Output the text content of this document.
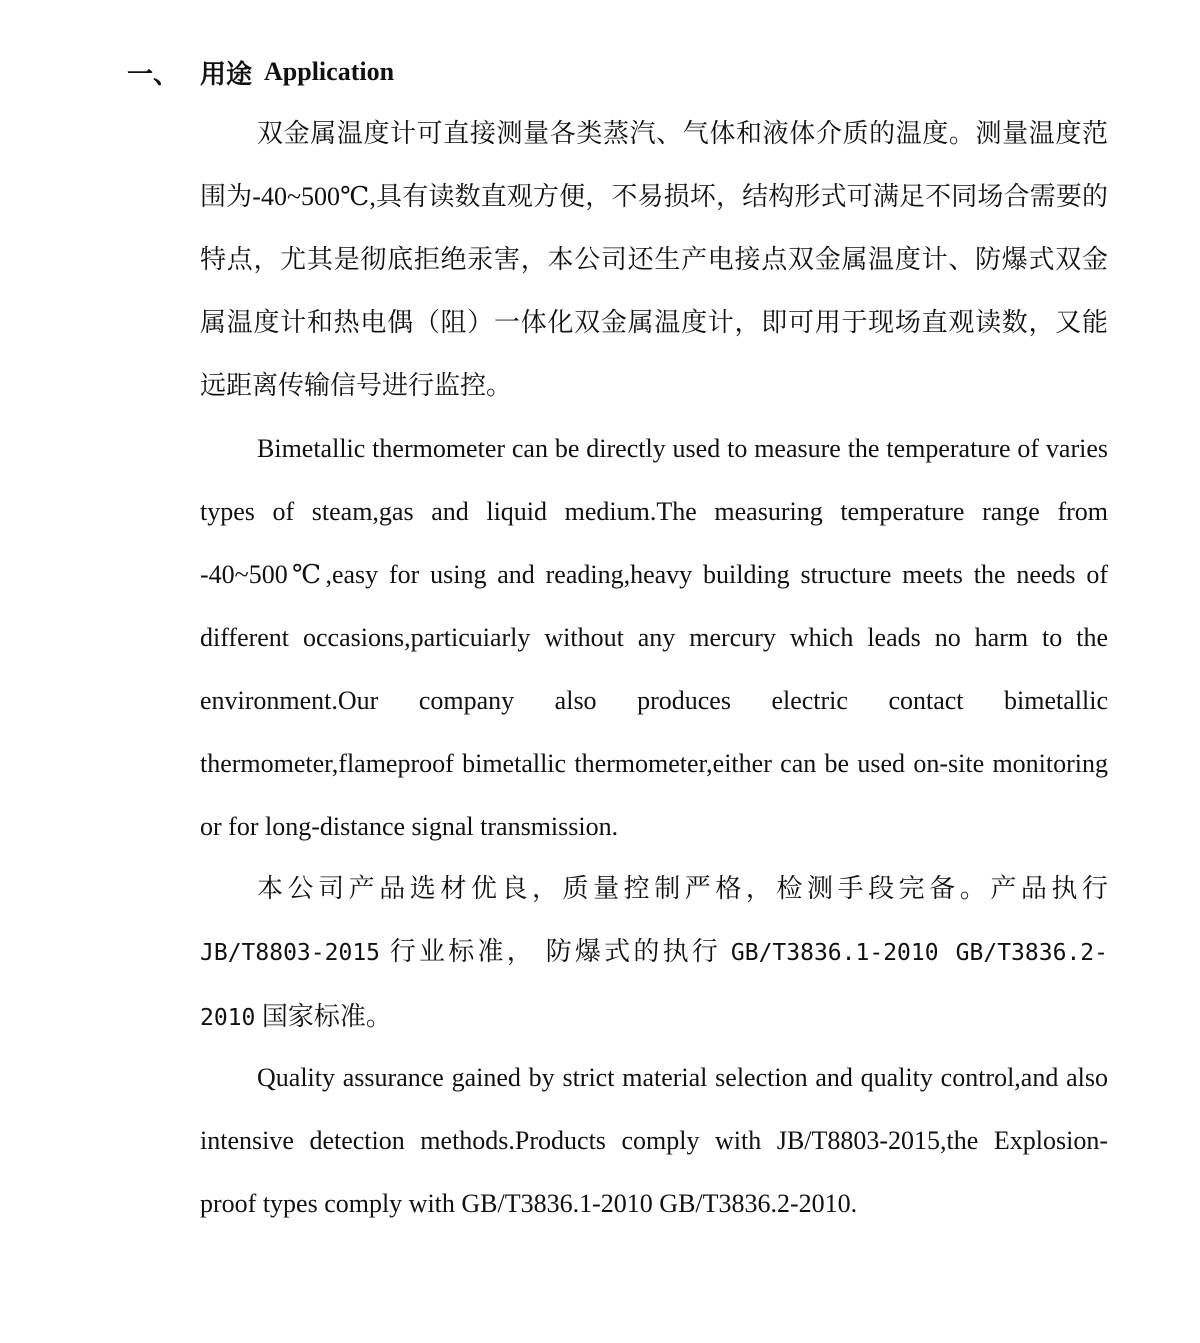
一、 用途 Application

双金属温度计可直接测量各类蒸汽、气体和液体介质的温度。测量温度范围为-40~500℃,具有读数直观方便，不易损坏，结构形式可满足不同场合需要的特点，尤其是彻底拒绝汞害，本公司还生产电接点双金属温度计、防爆式双金属温度计和热电偶（阻）一体化双金属温度计，即可用于现场直观读数，又能远距离传输信号进行监控。

Bimetallic thermometer can be directly used to measure the temperature of varies types of steam,gas and liquid medium.The measuring temperature range from -40~500℃,easy for using and reading,heavy building structure meets the needs of different occasions,particuiarly without any mercury which leads no harm to the environment.Our company also produces electric contact bimetallic thermometer,flameproof bimetallic thermometer,either can be used on-site monitoring or for long-distance signal transmission.

本公司产品选材优良，质量控制严格，检测手段完备。产品执行JB/T8803-2015 行业标准， 防爆式的执行 GB/T3836.1-2010 GB/T3836.2-2010 国家标准。

Quality assurance gained by strict material selection and quality control,and also intensive detection methods.Products comply with JB/T8803-2015,the Explosion-proof types comply with GB/T3836.1-2010 GB/T3836.2-2010.
